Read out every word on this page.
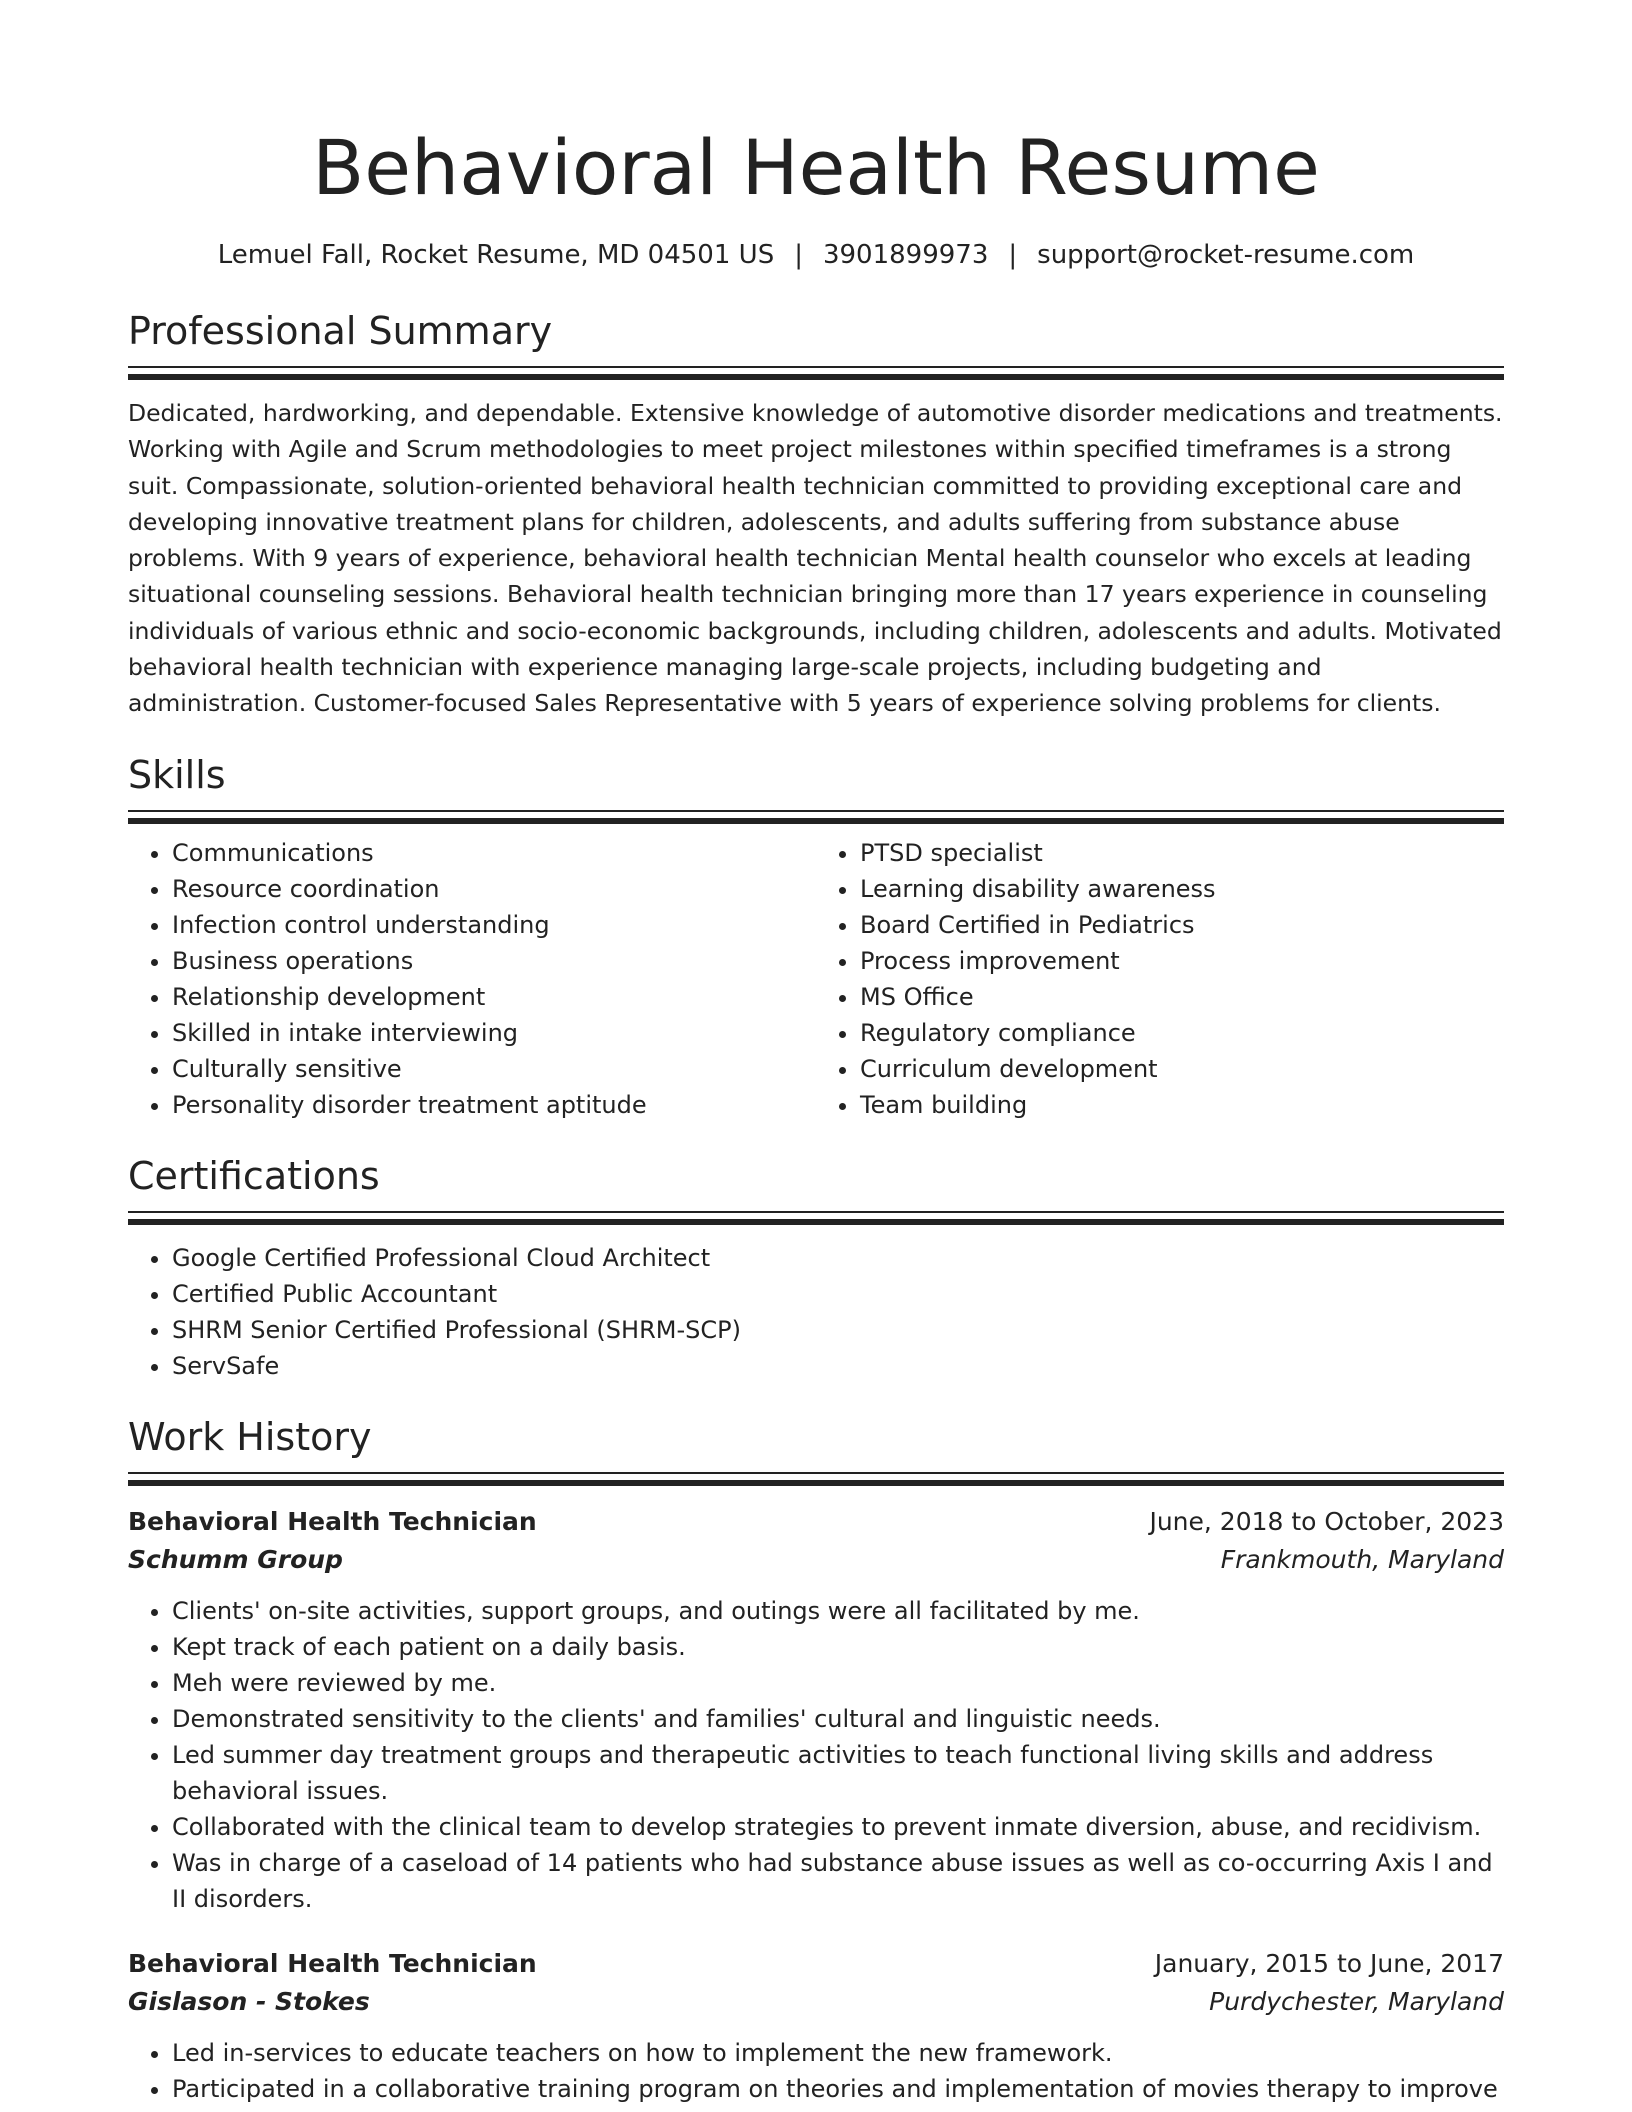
Behavioral Health Resume
Lemuel Fall, Rocket Resume, MD 04501 US | 3901899973 | support@rocket-resume.com
Professional Summary

Dedicated, hardworking, and dependable. Extensive knowledge of automotive disorder medications and treatments. Working with Agile and Scrum methodologies to meet project milestones within specified timeframes is a strong suit. Compassionate, solution-oriented behavioral health technician committed to providing exceptional care and developing innovative treatment plans for children, adolescents, and adults suffering from substance abuse problems. With 9 years of experience, behavioral health technician Mental health counselor who excels at leading situational counseling sessions. Behavioral health technician bringing more than 17 years experience in counseling individuals of various ethnic and socio-economic backgrounds, including children, adolescents and adults. Motivated behavioral health technician with experience managing large-scale projects, including budgeting and administration. Customer-focused Sales Representative with 5 years of experience solving problems for clients.

Skills
• Communications
• Resource coordination
• Infection control understanding
• Business operations
• Relationship development
• Skilled in intake interviewing
• Culturally sensitive
• Personality disorder treatment aptitude
• PTSD specialist
• Learning disability awareness
• Board Certified in Pediatrics
• Process improvement
• MS Office
• Regulatory compliance
• Curriculum development
• Team building
Certifications
• Google Certified Professional Cloud Architect
• Certified Public Accountant
• SHRM Senior Certified Professional (SHRM-SCP)
• ServSafe
Work History
Behavioral Health Technician	June, 2018 to October, 2023
Schumm Group	Frankmouth, Maryland
• Clients' on-site activities, support groups, and outings were all facilitated by me.
• Kept track of each patient on a daily basis.
• Meh were reviewed by me.
• Demonstrated sensitivity to the clients' and families' cultural and linguistic needs.
• Led summer day treatment groups and therapeutic activities to teach functional living skills and address behavioral issues.
• Collaborated with the clinical team to develop strategies to prevent inmate diversion, abuse, and recidivism.
• Was in charge of a caseload of 14 patients who had substance abuse issues as well as co-occurring Axis I and II disorders.
Behavioral Health Technician	January, 2015 to June, 2017
Gislason - Stokes	Purdychester, Maryland
• Led in-services to educate teachers on how to implement the new framework.
• Participated in a collaborative training program on theories and implementation of movies therapy to improve
